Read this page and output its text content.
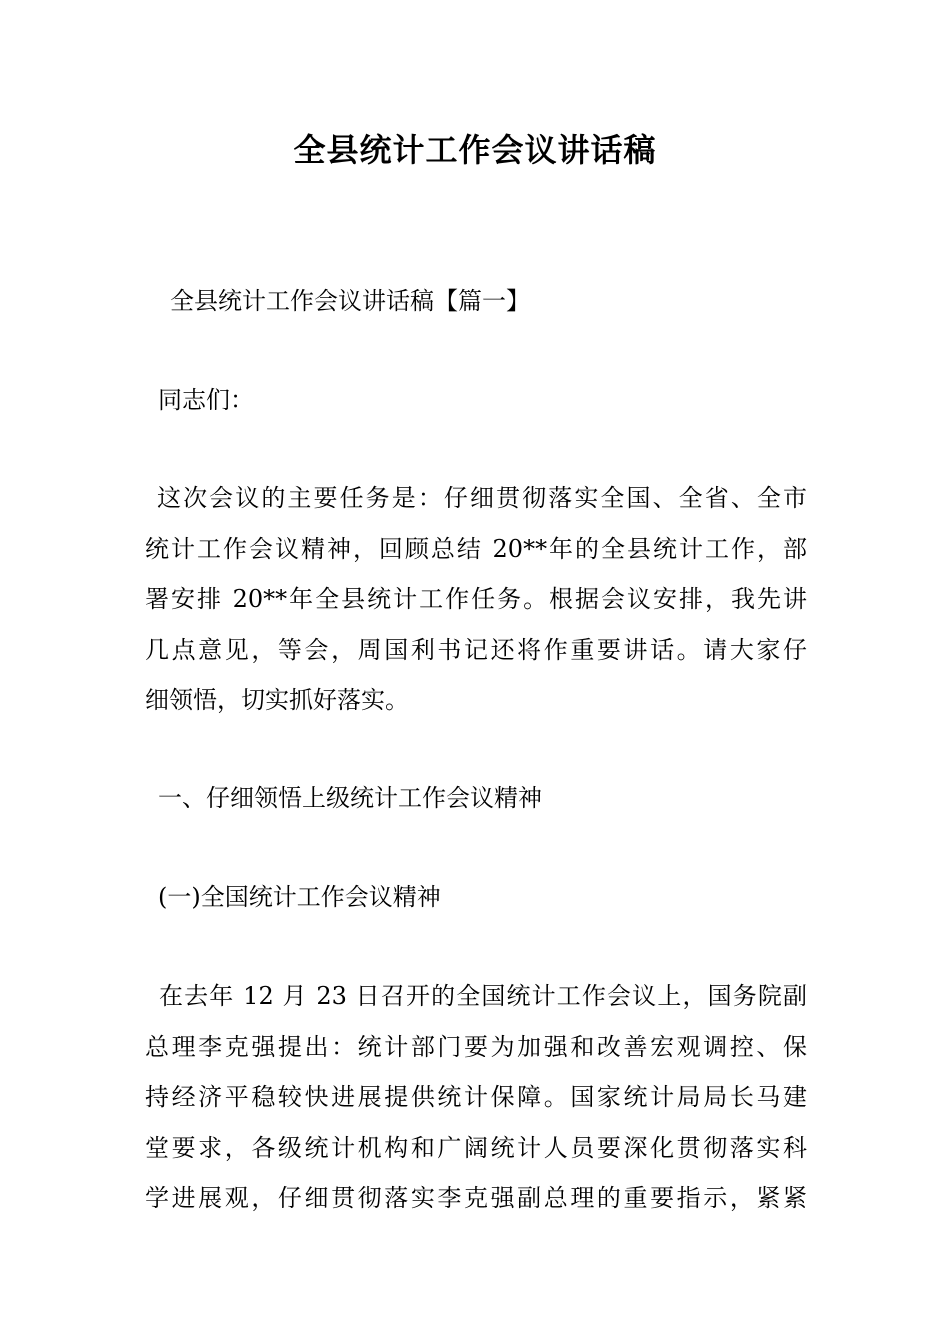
全县统计工作会议讲话稿
全县统计工作会议讲话稿【篇一】
同志们：
这次会议的主要任务是：仔细贯彻落实全国、全省、全市
统计工作会议精神，回顾总结 20**年的全县统计工作，部
署安排 20**年全县统计工作任务。根据会议安排，我先讲
几点意见，等会，周国利书记还将作重要讲话。请大家仔
细领悟，切实抓好落实。
一、仔细领悟上级统计工作会议精神
(一)全国统计工作会议精神
在去年 12 月 23 日召开的全国统计工作会议上，国务院副
总理李克强提出：统计部门要为加强和改善宏观调控、保
持经济平稳较快进展提供统计保障。国家统计局局长马建
堂要求，各级统计机构和广阔统计人员要深化贯彻落实科
学进展观，仔细贯彻落实李克强副总理的重要指示，紧紧
